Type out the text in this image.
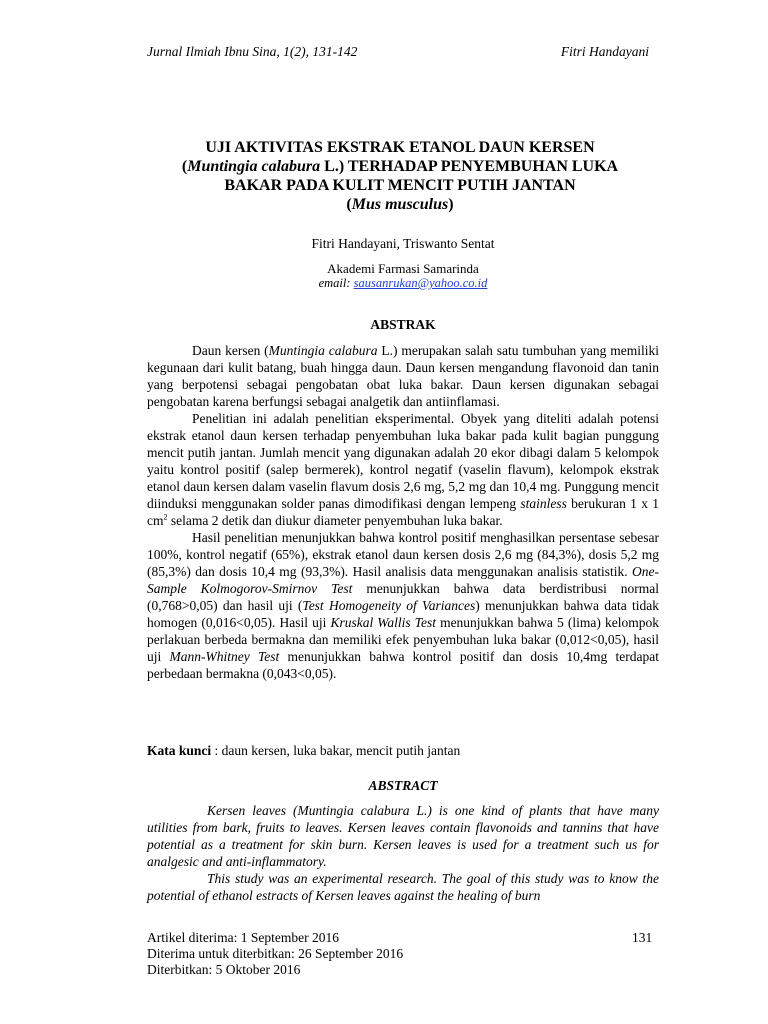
Jurnal Ilmiah Ibnu Sina, 1(2), 131-142	Fitri Handayani
UJI AKTIVITAS EKSTRAK ETANOL DAUN KERSEN
(Muntingia calabura L.) TERHADAP PENYEMBUHAN LUKA
BAKAR PADA KULIT MENCIT PUTIH JANTAN
(Mus musculus)
Fitri Handayani, Triswanto Sentat
Akademi Farmasi Samarinda
email: sausanrukan@yahoo.co.id
ABSTRAK

Daun kersen (Muntingia calabura L.) merupakan salah satu tumbuhan yang memiliki kegunaan dari kulit batang, buah hingga daun. Daun kersen mengandung flavonoid dan tanin yang berpotensi sebagai pengobatan obat luka bakar. Daun kersen digunakan sebagai pengobatan karena berfungsi sebagai analgetik dan antiinflamasi.

Penelitian ini adalah penelitian eksperimental. Obyek yang diteliti adalah potensi ekstrak etanol daun kersen terhadap penyembuhan luka bakar pada kulit bagian punggung mencit putih jantan. Jumlah mencit yang digunakan adalah 20 ekor dibagi dalam 5 kelompok yaitu kontrol positif (salep bermerek), kontrol negatif (vaselin flavum), kelompok ekstrak etanol daun kersen dalam vaselin flavum dosis 2,6 mg, 5,2 mg dan 10,4 mg. Punggung mencit diinduksi menggunakan solder panas dimodifikasi dengan lempeng stainless berukuran 1 x 1 $cm^2$ selama 2 detik dan diukur diameter penyembuhan luka bakar.

Hasil penelitian menunjukkan bahwa kontrol positif menghasilkan persentase sebesar 100%, kontrol negatif (65%), ekstrak etanol daun kersen dosis 2,6 mg (84,3%), dosis 5,2 mg (85,3%) dan dosis 10,4 mg (93,3%). Hasil analisis data menggunakan analisis statistik. One-Sample Kolmogorov-Smirnov Test menunjukkan bahwa data berdistribusi normal (0,768>0,05) dan hasil uji (Test Homogeneity of Variances) menunjukkan bahwa data tidak homogen (0,016<0,05). Hasil uji Kruskal Wallis Test menunjukkan bahwa 5 (lima) kelompok perlakuan berbeda bermakna dan memiliki efek penyembuhan luka bakar (0,012<0,05), hasil uji Mann-Whitney Test menunjukkan bahwa kontrol positif dan dosis 10,4mg terdapat perbedaan bermakna (0,043<0,05).

Kata kunci : daun kersen, luka bakar, mencit putih jantan
ABSTRACT

Kersen leaves (Muntingia calabura L.) is one kind of plants that have many utilities from bark, fruits to leaves. Kersen leaves contain flavonoids and tannins that have potential as a treatment for skin burn. Kersen leaves is used for a treatment such us for analgesic and anti-inflammatory.

This study was an experimental research. The goal of this study was to know the potential of ethanol estracts of Kersen leaves against the healing of burn

Artikel diterima: 1 September 2016
Diterima untuk diterbitkan: 26 September 2016
Diterbitkan: 5 Oktober 2016
131
